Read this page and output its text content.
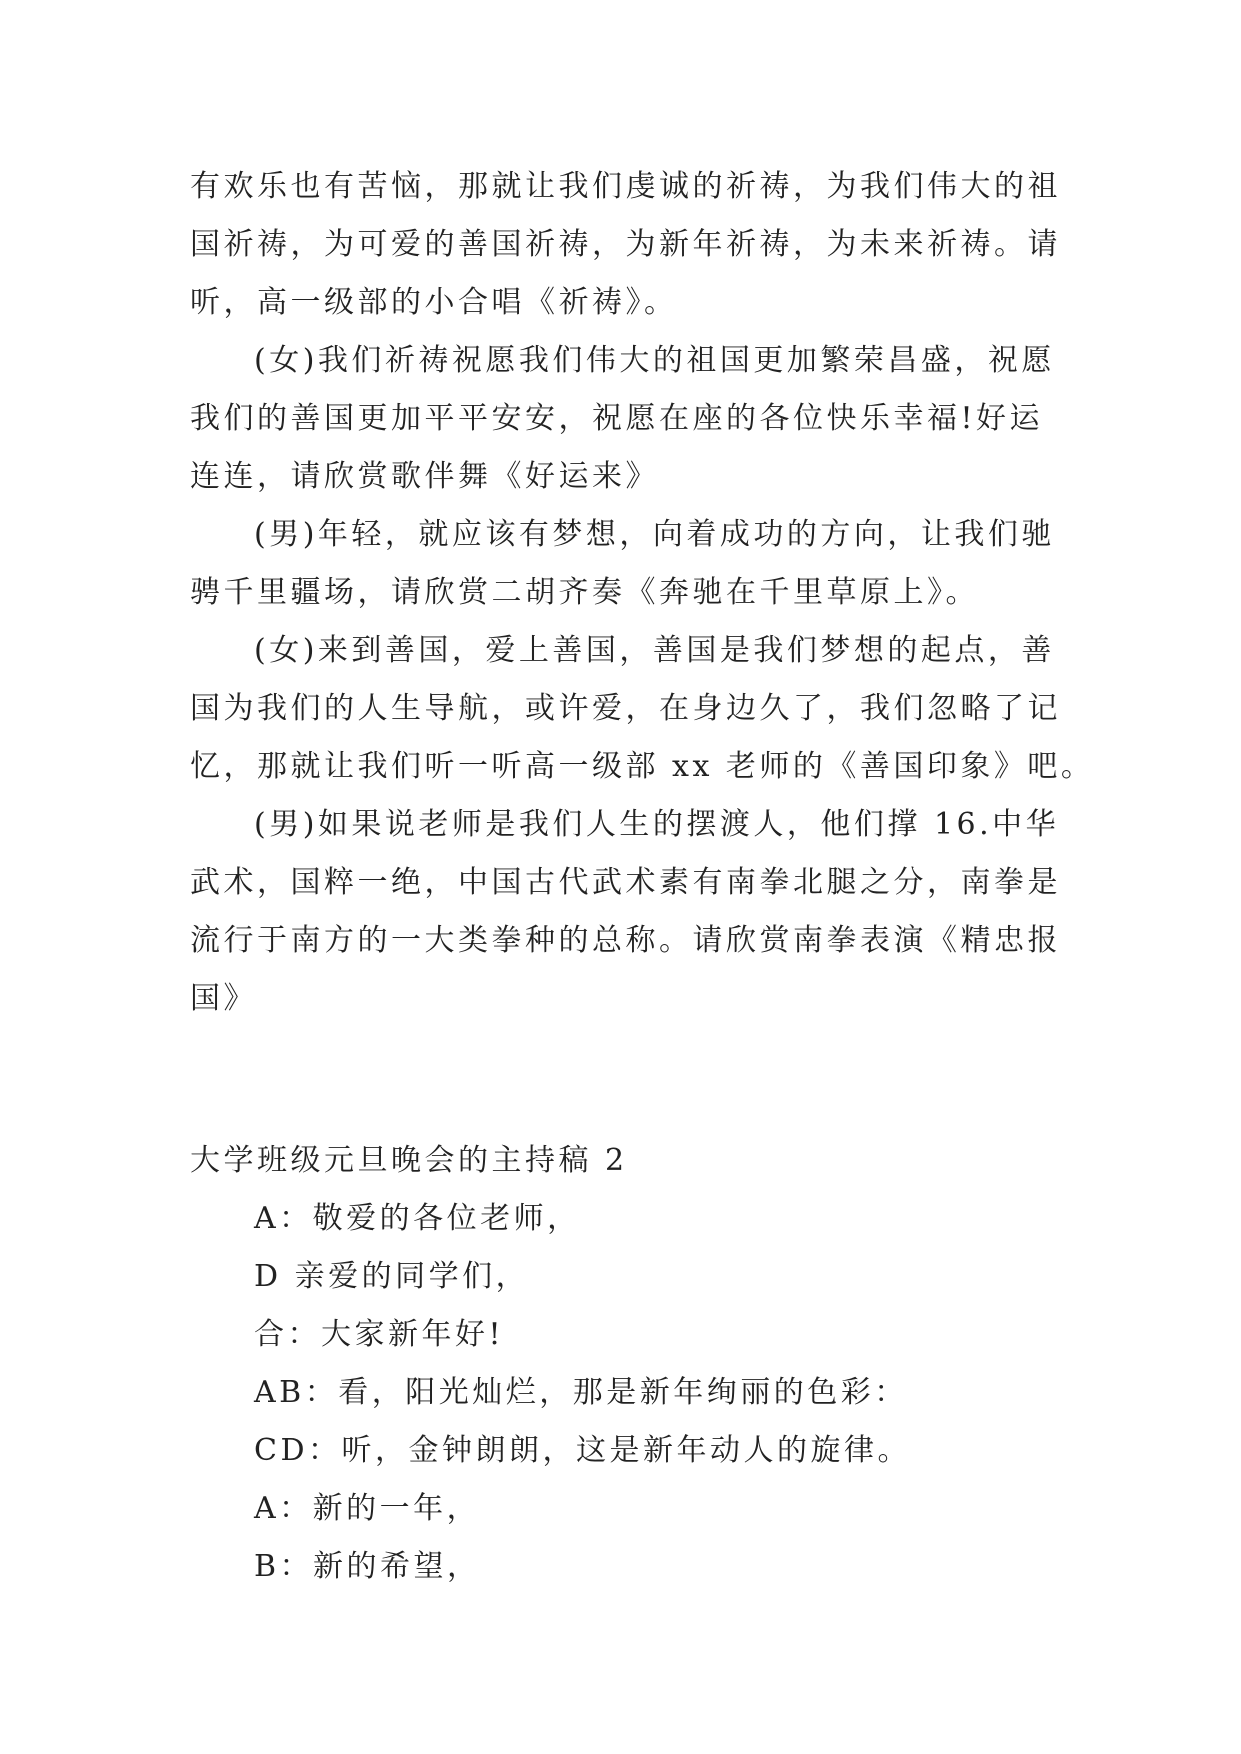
有欢乐也有苦恼，那就让我们虔诚的祈祷，为我们伟大的祖
国祈祷，为可爱的善国祈祷，为新年祈祷，为未来祈祷。请
听，高一级部的小合唱《祈祷》。
(女)我们祈祷祝愿我们伟大的祖国更加繁荣昌盛，祝愿
我们的善国更加平平安安，祝愿在座的各位快乐幸福!好运
连连，请欣赏歌伴舞《好运来》
(男)年轻，就应该有梦想，向着成功的方向，让我们驰
骋千里疆场，请欣赏二胡齐奏《奔驰在千里草原上》。
(女)来到善国，爱上善国，善国是我们梦想的起点，善
国为我们的人生导航，或许爱，在身边久了，我们忽略了记
忆，那就让我们听一听高一级部 xx 老师的《善国印象》吧。
(男)如果说老师是我们人生的摆渡人，他们撑 16.中华
武术，国粹一绝，中国古代武术素有南拳北腿之分，南拳是
流行于南方的一大类拳种的总称。请欣赏南拳表演《精忠报
国》
大学班级元旦晚会的主持稿 2
A：敬爱的各位老师，
D 亲爱的同学们，
合：大家新年好!
AB：看，阳光灿烂，那是新年绚丽的色彩：
CD：听，金钟朗朗，这是新年动人的旋律。
A：新的一年，
B：新的希望，
